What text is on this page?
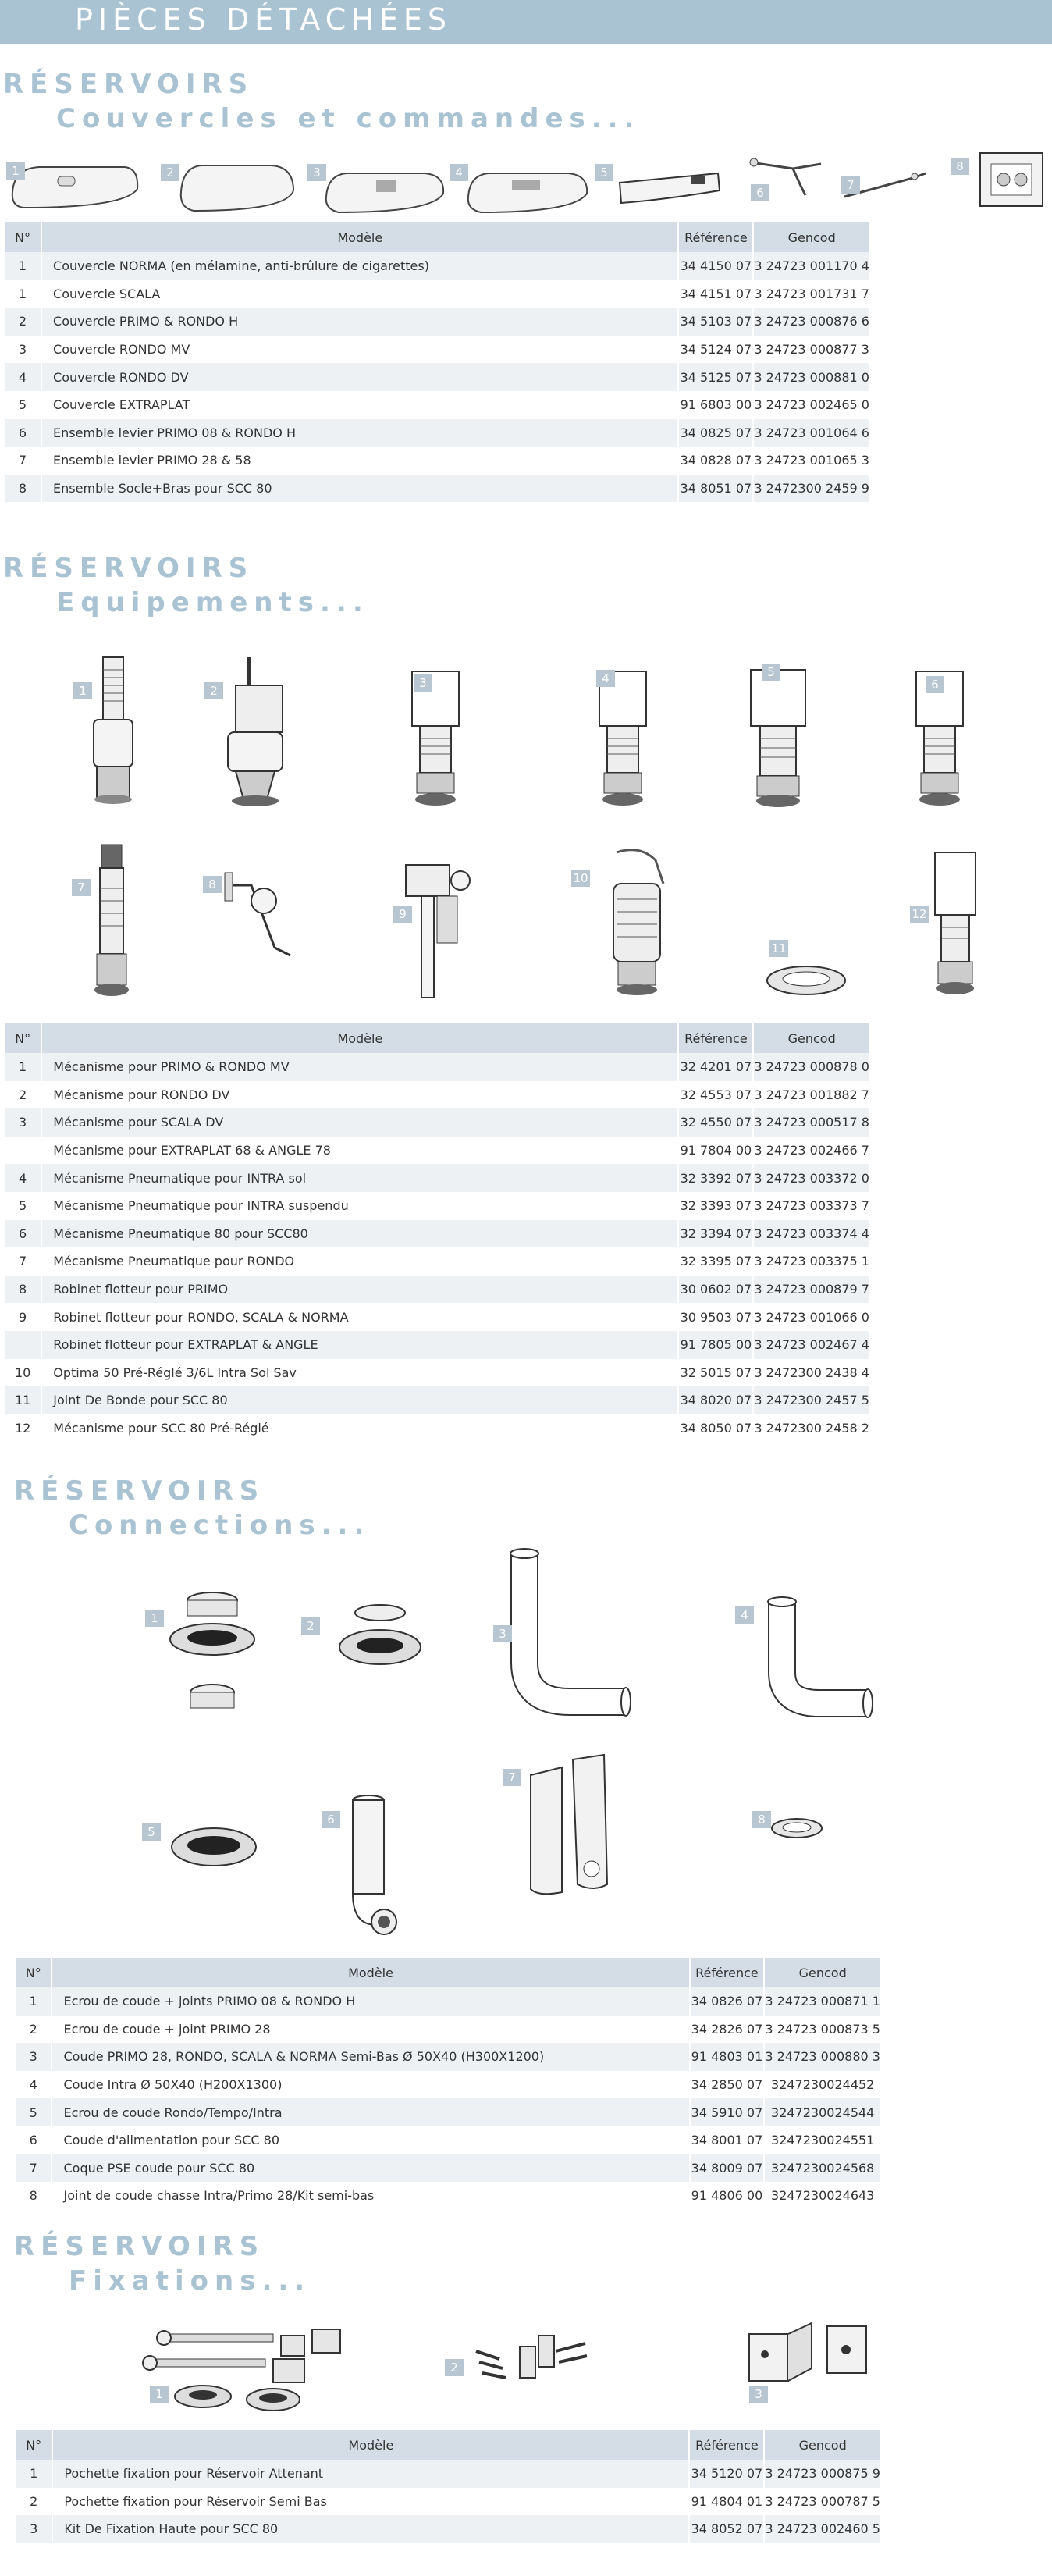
PIÈCES DÉTACHÉES
RÉSERVOIRS
Couvercles et commandes...
1	2	3	4	5
6
7
8
N°	Modèle	Référence	Gencod
1	Couvercle NORMA (en mélamine, anti-brûlure de cigarettes)	34 4150 07	3 24723 001170 4
1	Couvercle SCALA	34 4151 07	3 24723 001731 7
2	Couvercle PRIMO & RONDO H	34 5103 07	3 24723 000876 6
3	Couvercle RONDO MV	34 5124 07	3 24723 000877 3
4	Couvercle RONDO DV	34 5125 07	3 24723 000881 0
5	Couvercle EXTRAPLAT	91 6803 00	3 24723 002465 0
6	Ensemble levier PRIMO 08 & RONDO H	34 0825 07	3 24723 001064 6
7	Ensemble levier PRIMO 28 & 58	34 0828 07	3 24723 001065 3
8	Ensemble Socle+Bras pour SCC 80	34 8051 07	3 2472300 2459 9
RÉSERVOIRS
Equipements...
1	2
3	4	5
6
7	8
9
10
11
12
N°	Modèle	Référence	Gencod
1	Mécanisme pour PRIMO & RONDO MV	32 4201 07	3 24723 000878 0
2	Mécanisme pour RONDO DV	32 4553 07	3 24723 001882 7
3	Mécanisme pour SCALA DV	32 4550 07	3 24723 000517 8
	Mécanisme pour EXTRAPLAT 68 & ANGLE 78	91 7804 00	3 24723 002466 7
4	Mécanisme Pneumatique pour INTRA sol	32 3392 07	3 24723 003372 0
5	Mécanisme Pneumatique pour INTRA suspendu	32 3393 07	3 24723 003373 7
6	Mécanisme Pneumatique 80 pour SCC80	32 3394 07	3 24723 003374 4
7	Mécanisme Pneumatique pour RONDO	32 3395 07	3 24723 003375 1
8	Robinet flotteur pour PRIMO	30 0602 07	3 24723 000879 7
9	Robinet flotteur pour RONDO, SCALA & NORMA	30 9503 07	3 24723 001066 0
	Robinet flotteur pour EXTRAPLAT & ANGLE	91 7805 00	3 24723 002467 4
10	Optima 50 Pré-Réglé 3/6L Intra Sol Sav	32 5015 07	3 2472300 2438 4
11	Joint De Bonde pour SCC 80	34 8020 07	3 2472300 2457 5
12	Mécanisme pour SCC 80 Pré-Réglé	34 8050 07	3 2472300 2458 2
RÉSERVOIRS
Connections...
1
2
3
4
5
6
7
8
N°	Modèle	Référence	Gencod
1	Ecrou de coude + joints PRIMO 08 & RONDO H	34 0826 07	3 24723 000871 1
2	Ecrou de coude + joint PRIMO 28	34 2826 07	3 24723 000873 5
3	Coude PRIMO 28, RONDO, SCALA & NORMA Semi-Bas Ø 50X40 (H300X1200)	91 4803 01	3 24723 000880 3
4	Coude Intra Ø 50X40 (H200X1300)	34 2850 07	3247230024452
5	Ecrou de coude Rondo/Tempo/Intra	34 5910 07	3247230024544
6	Coude d'alimentation pour SCC 80	34 8001 07	3247230024551
7	Coque PSE coude pour SCC 80	34 8009 07	3247230024568
8	Joint de coude chasse Intra/Primo 28/Kit semi-bas	91 4806 00	3247230024643
RÉSERVOIRS
Fixations...
1
2
3
N°	Modèle	Référence	Gencod
1	Pochette fixation pour Réservoir Attenant	34 5120 07	3 24723 000875 9
2	Pochette fixation pour Réservoir Semi Bas	91 4804 01	3 24723 000787 5
3	Kit De Fixation Haute pour SCC 80	34 8052 07	3 24723 002460 5
